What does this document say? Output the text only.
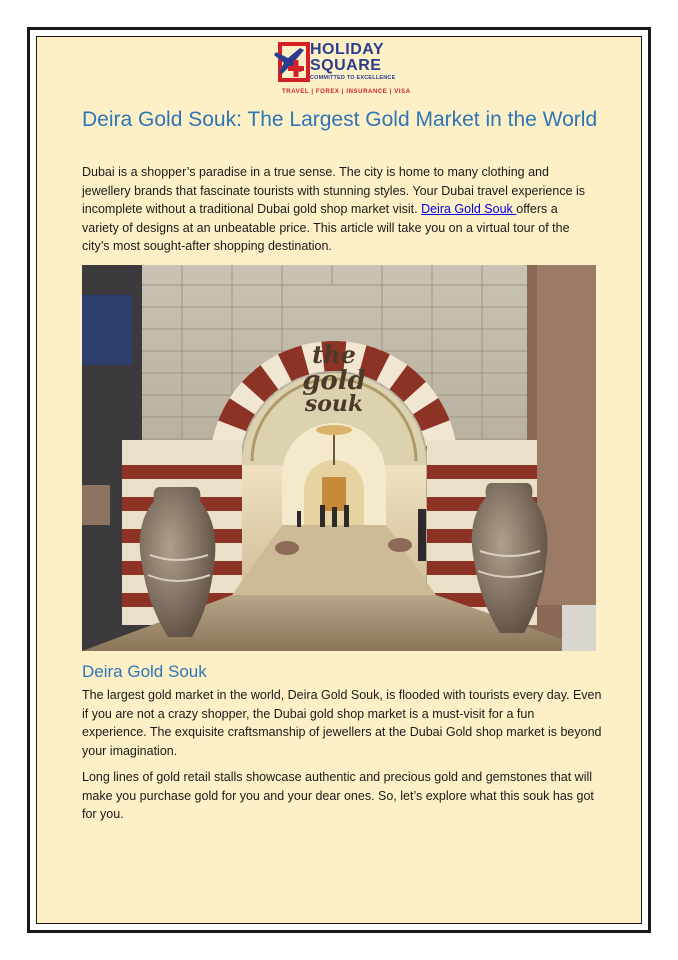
HOLIDAY
SQUARE
COMMITTED TO EXCELLENCE
TRAVEL | FOREX | INSURANCE | VISA
Deira Gold Souk: The Largest Gold Market in the World

Dubai is a shopper’s paradise in a true sense. The city is home to many clothing and jewellery brands that fascinate tourists with stunning styles. Your Dubai travel experience is incomplete without a traditional Dubai gold shop market visit. Deira Gold Souk offers a variety of designs at an unbeatable price. This article will take you on a virtual tour of the city’s most sought-after shopping destination.

the
gold
souk
Deira Gold Souk

The largest gold market in the world, Deira Gold Souk, is flooded with tourists every day. Even if you are not a crazy shopper, the Dubai gold shop market is a must-visit for a fun experience. The exquisite craftsmanship of jewellers at the Dubai Gold shop market is beyond your imagination.

Long lines of gold retail stalls showcase authentic and precious gold and gemstones that will make you purchase gold for you and your dear ones. So, let’s explore what this souk has got for you.
